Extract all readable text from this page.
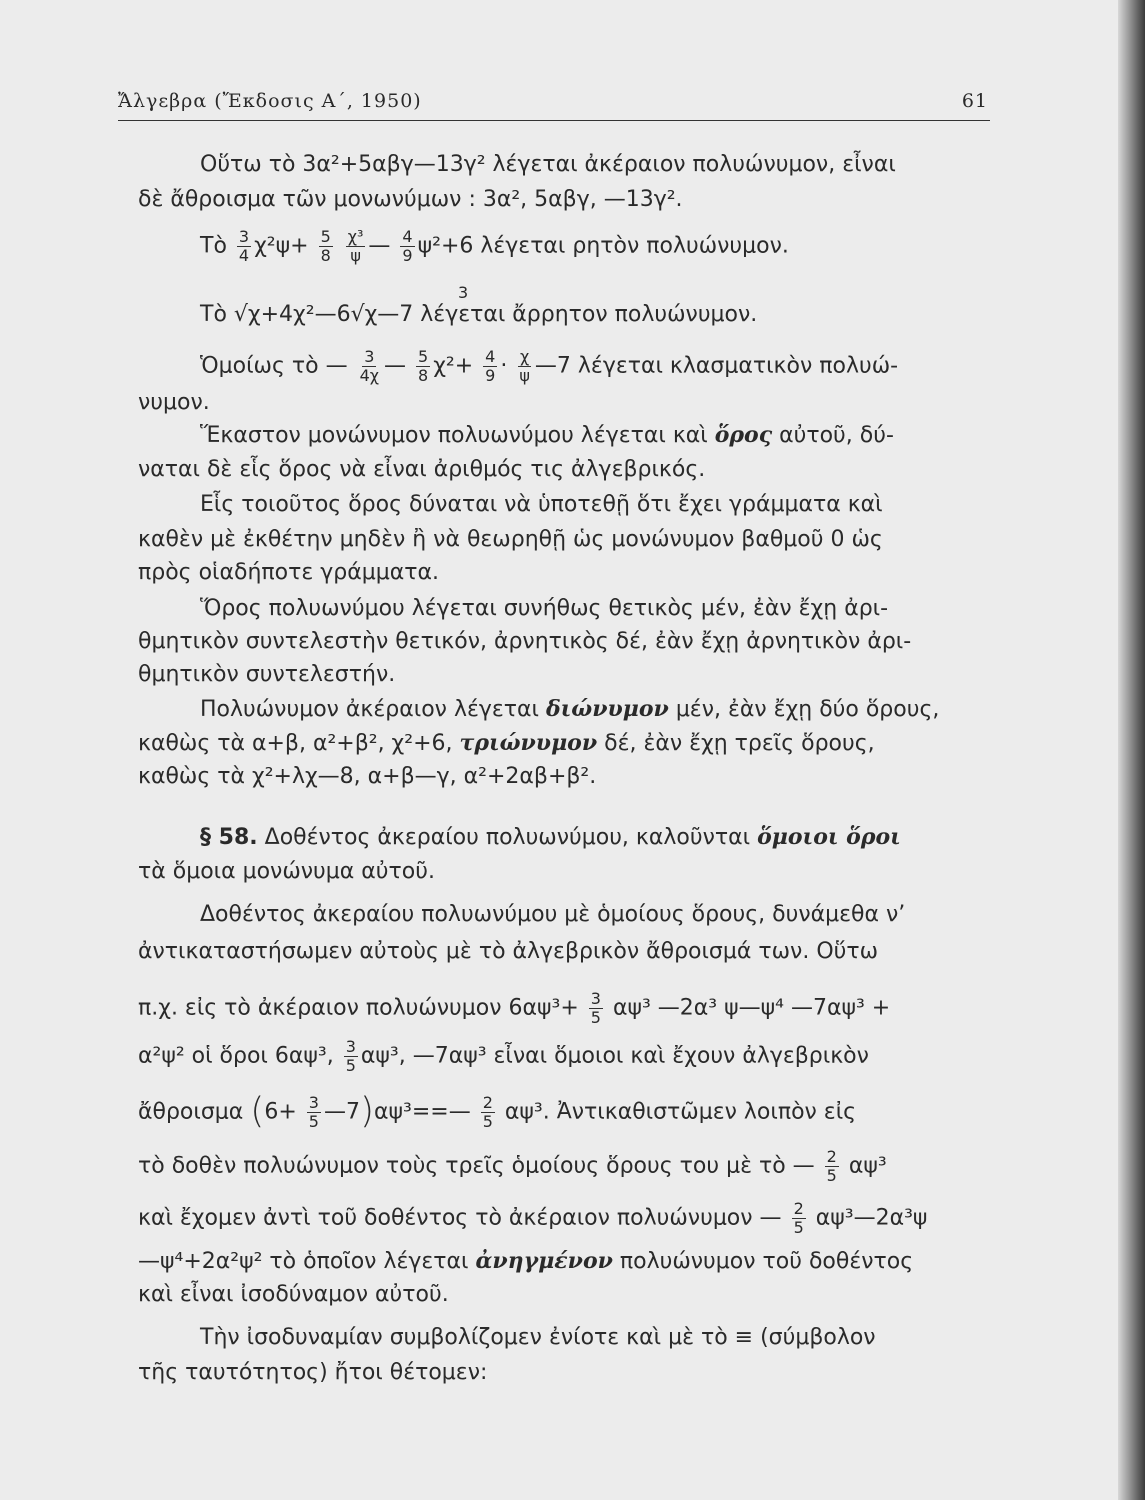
Ἄλγεβρα (Ἔκδοσις Α΄, 1950)	61
Οὕτω τὸ 3α²+5αβγ—13γ² λέγεται ἀκέραιον πολυώνυμον, εἶναι
δὲ ἄθροισμα τῶν μονωνύμων : 3α², 5αβγ, —13γ².
Τὸ $\frac{3}{4} \chi^2\psi+ \frac{5}{8}$
$\frac{\text{χ³}}{\psi}$ — $\frac{4}{9} \psi^2+6$ λέγεται ρητὸν πολυώνυμον.
3
Τὸ √χ+4χ²—6√χ—7 λέγεται ἄρρητον πολυώνυμον.
Ὁμοίως τὸ — $\frac{3}{4\chi}$ — $\frac{5}{8} \chi^2+ \frac{4}{9} \cdot \frac{\chi}{\psi}$ —7 λέγεται κλασματικὸν πολυώ-
νυμον.
Ἕκαστον μονώνυμον πολυωνύμου λέγεται καὶ ὅρος αὐτοῦ, δύ-
ναται δὲ εἷς ὅρος νὰ εἶναι ἀριθμός τις ἀλγεβρικός.
Εἷς τοιοῦτος ὅρος δύναται νὰ ὑποτεθῇ ὅτι ἔχει γράμματα καὶ
καθὲν μὲ ἐκθέτην μηδὲν ἢ νὰ θεωρηθῇ ὡς μονώνυμον βαθμοῦ 0 ὡς
πρὸς οἱαδήποτε γράμματα.
Ὅρος πολυωνύμου λέγεται συνήθως θετικὸς μέν, ἐὰν ἔχῃ ἀρι-
θμητικὸν συντελεστὴν θετικόν, ἀρνητικὸς δέ, ἐὰν ἔχῃ ἀρνητικὸν ἀρι-
θμητικὸν συντελεστήν.
Πολυώνυμον ἀκέραιον λέγεται διώνυμον μέν, ἐὰν ἔχῃ δύο ὅρους,
καθὼς τὰ α+β, α²+β², χ²+6, τριώνυμον δέ, ἐὰν ἔχῃ τρεῖς ὅρους,
καθὼς τὰ χ²+λχ—8, α+β—γ, α²+2αβ+β².
§ 58. Δοθέντος ἀκεραίου πολυωνύμου, καλοῦνται ὅμοιοι ὅροι
τὰ ὅμοια μονώνυμα αὐτοῦ.
Δοθέντος ἀκεραίου πολυωνύμου μὲ ὁμοίους ὅρους, δυνάμεθα ν’
ἀντικαταστήσωμεν αὐτοὺς μὲ τὸ ἀλγεβρικὸν ἄθροισμά των. Οὕτω
π.χ. εἰς τὸ ἀκέραιον πολυώνυμον $6\alpha\psi^3+ \frac{3}{5} \alpha\psi^3$ —2α³ ψ—ψ⁴ —7αψ³ +
α²ψ² οἱ ὅροι 6αψ³, $\frac{3}{5} \alpha\psi^3$, —7αψ³ εἶναι ὅμοιοι καὶ ἔχουν ἀλγεβρικὸν
ἄθροισμα ($6+ \frac{3}{5}$ —7)αψ³==— $\frac{2}{5} \alpha\psi^3$. Ἀντικαθιστῶμεν λοιπὸν εἰς
τὸ δοθὲν πολυώνυμον τοὺς τρεῖς ὁμοίους ὅρους του μὲ τὸ — $\frac{2}{5} \alpha\psi^3$
καὶ ἔχομεν ἀντὶ τοῦ δοθέντος τὸ ἀκέραιον πολυώνυμον — $\frac{2}{5}$ αψ³—2α³ψ
—ψ⁴+2α²ψ² τὸ ὁποῖον λέγεται ἀνηγμένον πολυώνυμον τοῦ δοθέντος
καὶ εἶναι ἰσοδύναμον αὐτοῦ.
Τὴν ἰσοδυναμίαν συμβολίζομεν ἐνίοτε καὶ μὲ τὸ ≡ (σύμβολον
τῆς ταυτότητος) ἤτοι θέτομεν:
